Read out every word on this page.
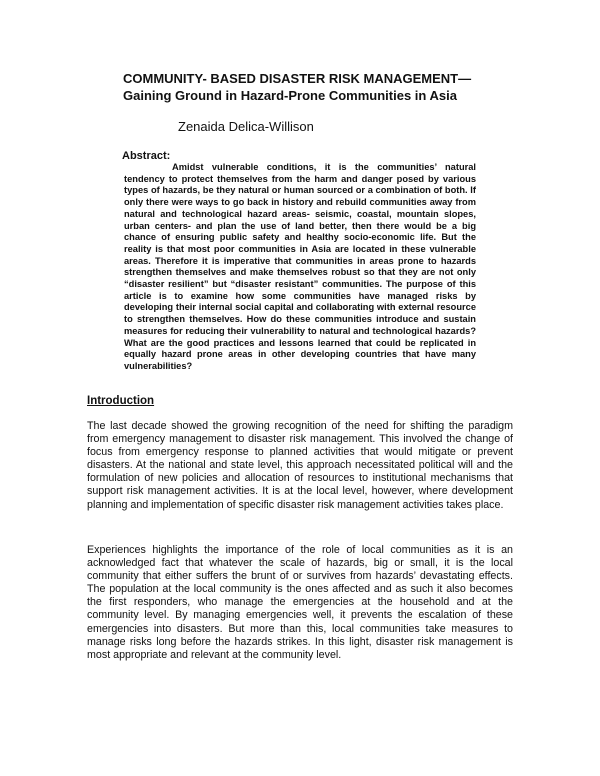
COMMUNITY- BASED DISASTER RISK MANAGEMENT—
Gaining Ground in Hazard-Prone Communities in Asia
Zenaida Delica-Willison
Abstract:

Amidst vulnerable conditions, it is the communities’ natural tendency to protect themselves from the harm and danger posed by various types of hazards, be they natural or human sourced or a combination of both. If only there were ways to go back in history and rebuild communities away from natural and technological hazard areas- seismic, coastal, mountain slopes, urban centers- and plan the use of land better, then there would be a big chance of ensuring public safety and healthy socio-economic life. But the reality is that most poor communities in Asia are located in these vulnerable areas. Therefore it is imperative that communities in areas prone to hazards strengthen themselves and make themselves robust so that they are not only “disaster resilient” but “disaster resistant” communities. The purpose of this article is to examine how some communities have managed risks by developing their internal social capital and collaborating with external resource to strengthen themselves. How do these communities introduce and sustain measures for reducing their vulnerability to natural and technological hazards? What are the good practices and lessons learned that could be replicated in equally hazard prone areas in other developing countries that have many vulnerabilities?

Introduction

The last decade showed the growing recognition of the need for shifting the paradigm from emergency management to disaster risk management. This involved the change of focus from emergency response to planned activities that would mitigate or prevent disasters. At the national and state level, this approach necessitated political will and the formulation of new policies and allocation of resources to institutional mechanisms that support risk management activities. It is at the local level, however, where development planning and implementation of specific disaster risk management activities takes place.

Experiences highlights the importance of the role of local communities as it is an acknowledged fact that whatever the scale of hazards, big or small, it is the local community that either suffers the brunt of or survives from hazards’ devastating effects. The population at the local community is the ones affected and as such it also becomes the first responders, who manage the emergencies at the household and at the community level. By managing emergencies well, it prevents the escalation of these emergencies into disasters. But more than this, local communities take measures to manage risks long before the hazards strikes. In this light, disaster risk management is most appropriate and relevant at the community level.
